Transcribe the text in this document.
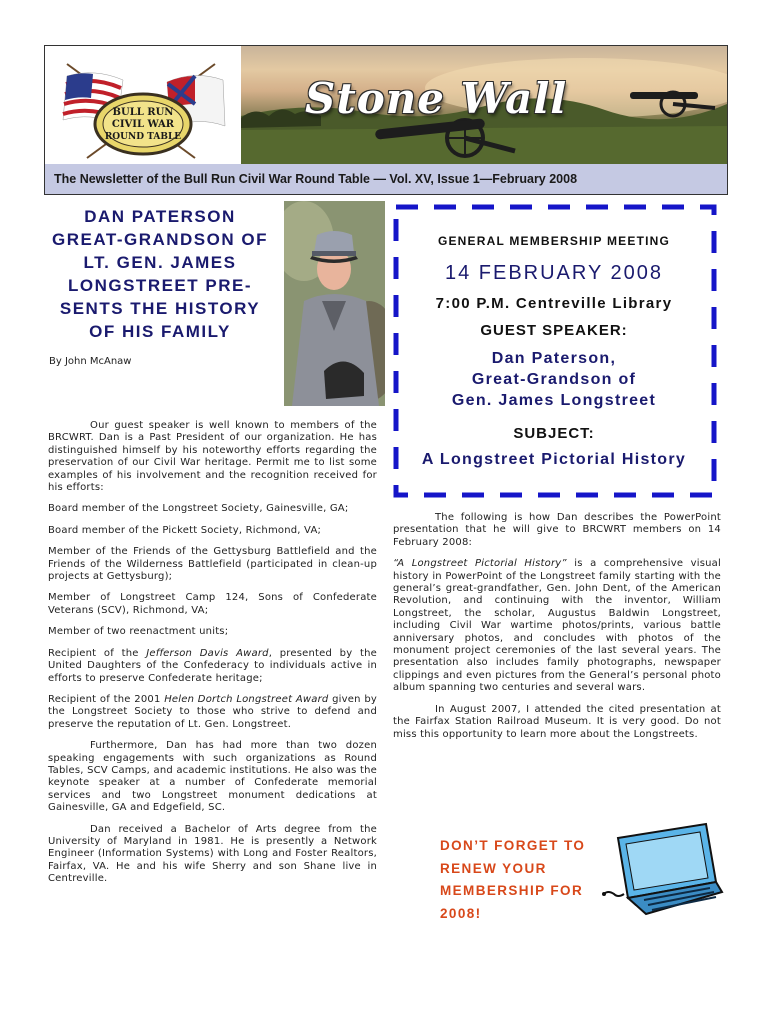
BULL RUN
CIVIL WAR
ROUND TABLE
Stone Wall
The Newsletter of the Bull Run Civil War Round Table — Vol. XV, Issue 1—February 2008
DAN PATERSON
GREAT-GRANDSON OF
LT. GEN. JAMES
LONGSTREET PRE-
SENTS THE HISTORY
OF HIS FAMILY
By John McAnaw

Our guest speaker is well known to members of the BRCWRT. Dan is a Past President of our organization. He has distinguished himself by his noteworthy efforts regarding the preservation of our Civil War heritage. Permit me to list some examples of his involvement and the recognition received for his efforts:

Board member of the Longstreet Society, Gainesville, GA;

Board member of the Pickett Society, Richmond, VA;

Member of the Friends of the Gettysburg Battlefield and the Friends of the Wilderness Battlefield (participated in clean-up projects at Gettysburg);

Member of Longstreet Camp 124, Sons of Confederate Veterans (SCV), Richmond, VA;

Member of two reenactment units;

Recipient of the Jefferson Davis Award, presented by the United Daughters of the Confederacy to individuals active in efforts to preserve Confederate heritage;

Recipient of the 2001 Helen Dortch Longstreet Award given by the Longstreet Society to those who strive to defend and preserve the reputation of Lt. Gen. Longstreet.

Furthermore, Dan has had more than two dozen speaking engagements with such organizations as Round Tables, SCV Camps, and academic institutions. He also was the keynote speaker at a number of Confederate memorial services and two Longstreet monument dedications at Gainesville, GA and Edgefield, SC.

Dan received a Bachelor of Arts degree from the University of Maryland in 1981. He is presently a Network Engineer (Information Systems) with Long and Foster Realtors, Fairfax, VA. He and his wife Sherry and son Shane live in Centreville.

GENERAL MEMBERSHIP MEETING
14 FEBRUARY 2008
7:00 P.M. Centreville Library
GUEST SPEAKER:
Dan Paterson,
Great-Grandson of
Gen. James Longstreet
SUBJECT:
A Longstreet Pictorial History

The following is how Dan describes the PowerPoint presentation that he will give to BRCWRT members on 14 February 2008:

“A Longstreet Pictorial History” is a comprehensive visual history in PowerPoint of the Longstreet family starting with the general’s great-grandfather, Gen. John Dent, of the American Revolution, and continuing with the inventor, William Longstreet, the scholar, Augustus Baldwin Longstreet, including Civil War wartime photos/prints, various battle anniversary photos, and concludes with photos of the monument project ceremonies of the last several years. The presentation also includes family photographs, newspaper clippings and even pictures from the General’s personal photo album spanning two centuries and several wars.

In August 2007, I attended the cited presentation at the Fairfax Station Railroad Museum. It is very good. Do not miss this opportunity to learn more about the Longstreets.

DON’T FORGET TO
RENEW YOUR
MEMBERSHIP FOR
2008!
